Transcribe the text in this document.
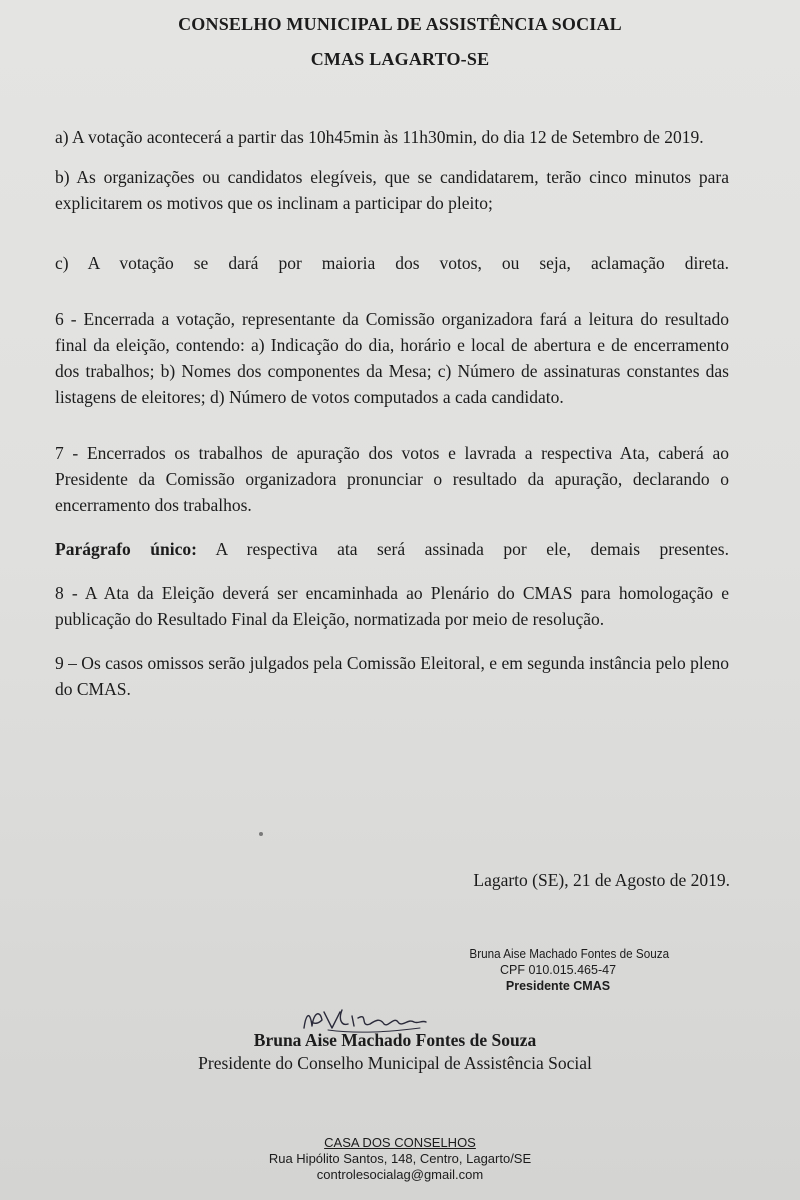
CONSELHO MUNICIPAL DE ASSISTÊNCIA SOCIAL
CMAS LAGARTO-SE

a) A votação acontecerá a partir das 10h45min às 11h30min, do dia 12 de Setembro de 2019.

b) As organizações ou candidatos elegíveis, que se candidatarem, terão cinco minutos para explicitarem os motivos que os inclinam a participar do pleito;

c) A votação se dará por maioria dos votos, ou seja, aclamação direta.

6 - Encerrada a votação, representante da Comissão organizadora fará a leitura do resultado final da eleição, contendo: a) Indicação do dia, horário e local de abertura e de encerramento dos trabalhos; b) Nomes dos componentes da Mesa; c) Número de assinaturas constantes das listagens de eleitores; d) Número de votos computados a cada candidato.

7 - Encerrados os trabalhos de apuração dos votos e lavrada a respectiva Ata, caberá ao Presidente da Comissão organizadora pronunciar o resultado da apuração, declarando o encerramento dos trabalhos.

Parágrafo único: A respectiva ata será assinada por ele, demais presentes.

8 - A Ata da Eleição deverá ser encaminhada ao Plenário do CMAS para homologação e publicação do Resultado Final da Eleição, normatizada por meio de resolução.

9 – Os casos omissos serão julgados pela Comissão Eleitoral, e em segunda instância pelo pleno do CMAS.

Lagarto (SE), 21 de Agosto de 2019.
Bruna Aise Machado Fontes de Souza
CPF 010.015.465-47
Presidente CMAS
Bruna Aise Machado Fontes de Souza
Presidente do Conselho Municipal de Assistência Social
CASA DOS CONSELHOS
Rua Hipólito Santos, 148, Centro, Lagarto/SE
controlesocialag@gmail.com
